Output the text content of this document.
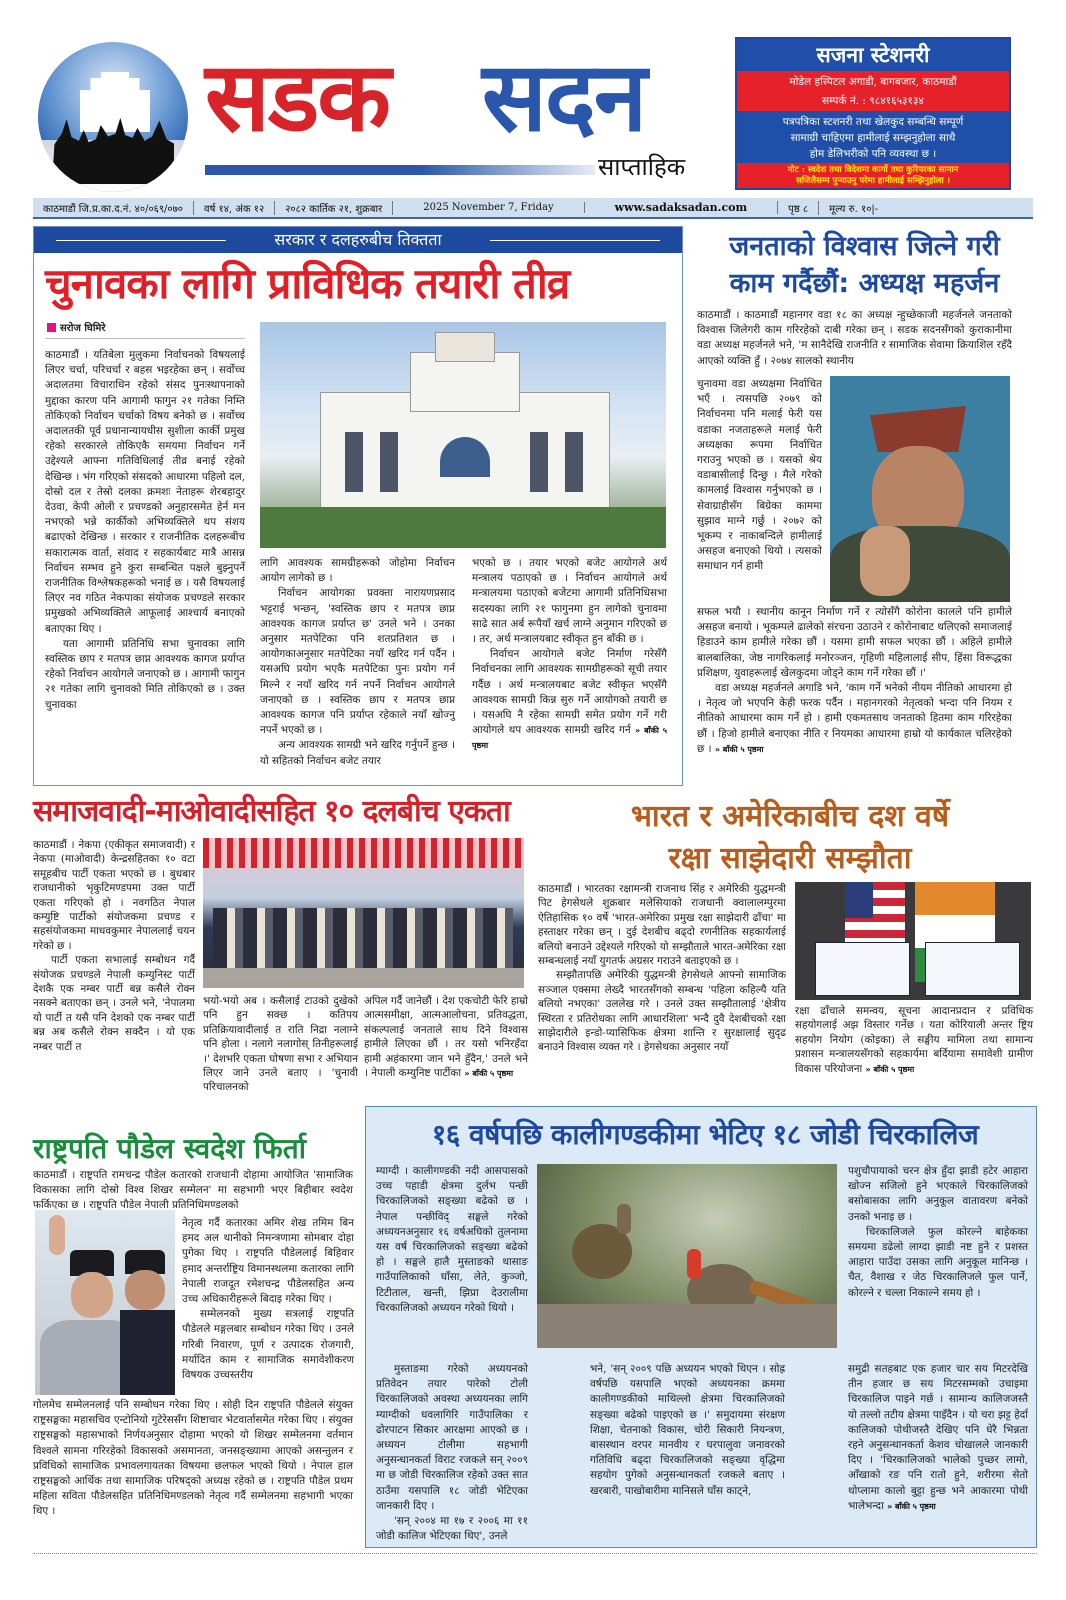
सडक सदन
साप्ताहिक
सजना स्टेशनरी
मोडेल हस्पिटल अगाडी, बागबजार, काठमाडौं
सम्पर्क नं. : ९८४१६५३१३४
पत्रपत्रिका स्टशनरी तथा खेलकुद सम्बन्धि सम्पूर्ण
सामाग्री चाहिएमा हामीलाई सम्झनुहोला साथै
होम डेलिभरीको पनि व्यवस्था छ ।
नोट : स्वदेश तथा विदेशमा कार्गो तथा कुरियरका सामान
सजिलैसम्म पुऱ्याउनु परेमा हामीलाई सम्झिनुहोला ।
काठमाडौं जि.प्र.का.द.नं. ४०/०६९/०७०	वर्ष १४, अंक १२	२०८२ कार्तिक २१, शुक्रबार	2025 November 7, Friday	www.sadaksadan.com	पृष्ठ ८	मूल्य रु. १०|-
सरकार र दलहरुबीच तिक्तता
चुनावका लागि प्राविधिक तयारी तीव्र
सरोज घिमिरे

काठमाडौं । यतिबेला मुलुकमा निर्वाचनको विषयलाई लिएर चर्चा, परिचर्चा र बहस भइरहेका छन् । सर्वोच्च अदालतमा विचाराधिन रहेको संसद पुनःस्थापनाको मुद्दाका कारण पनि आगामी फागुन २१ गतेका निम्ति तोकिएको निर्वाचन चर्चाको विषय बनेको छ । सर्वोच्च अदालतकी पूर्व प्रधानान्यायधीस सुशीला कार्की प्रमुख रहेको सरकारले तोकिएकै समयमा निर्वाचन गर्ने उद्देश्यले आफ्ना गतिविधिलाई तीव्र बनाई रहेको देखिन्छ । भंग गरिएको संसदको आधारमा पहिलो दल, दोस्रो दल र तेस्रो दलका क्रमशः नेताहरू शेरबहादुर देउवा, केपी ओली र प्रचण्डको अनुहारसमेत हेर्न मन नभएको भन्ने कार्कीको अभिव्यक्तिले थप संशय बढाएको देखिन्छ । सरकार र राजनीतिक दलहरूबीच सकारात्मक वार्ता, संवाद र सहकार्यबाट मात्रै आसन्न निर्वाचन सम्भव हुने कुरा सम्बन्धित पक्षले बुझ्नुपर्ने राजनीतिक विश्लेषकहरूको भनाई छ । यसै विषयलाई लिएर नव गठित नेकपाका संयोजक प्रचण्डले सरकार प्रमुखको अभिव्यक्तिले आफूलाई आश्चार्य बनाएको बताएका थिए ।

यता आगामी प्रतिनिधि सभा चुनावका लागि स्वस्तिक छाप र मतपत्र छाप्न आवश्यक कागज प्रर्याप्त रहेको निर्वाचन आयोगले जनाएको छ । आगामी फागुन २१ गतेका लागि चुनावको मिति तोकिएको छ । उक्त चुनावका

लागि आवश्यक सामग्रीहरूको जोहोमा निर्वाचन आयोग लागेको छ ।

निर्वाचन आयोगका प्रवक्ता नारायणप्रसाद भट्टराई भन्छन्, 'स्वस्तिक छाप र मतपत्र छाप्न आवश्यक कागज प्रर्याप्त छ' उनले भने । उनका अनुसार मतपेटिका पनि शतप्रतिशत छ । आयोगकाअनुसार मतपेटिका नयाँ खरिद गर्न पर्दैन । यसअघि प्रयोग भएकै मतपेटिका पुनः प्रयोग गर्न मिल्ने र नयाँ खरिद गर्न नपर्ने निर्वाचन आयोगले जनाएको छ । स्वस्तिक छाप र मतपत्र छाप्न आवश्यक कागज पनि प्रर्याप्त रहेकाले नयाँ खोज्नु नपर्ने भएको छ ।

अन्य आवश्यक सामग्री भने खरिद गर्नुपर्ने हुन्छ । यो सहितको निर्वाचन बजेट तयार

भएको छ । तयार भएको बजेट आयोगले अर्थ मन्त्रालय पठाएको छ । निर्वाचन आयोगले अर्थ मन्त्रालयमा पठाएको बजेटमा आगामी प्रतिनिधिसभा सदस्यका लागि २१ फागुनमा हुन लागेको चुनावमा साढे सात अर्ब रूपैयाँ खर्च लाग्ने अनुमान गरिएको छ । तर, अर्थ मन्त्रालयबाट स्वीकृत हुन बाँकी छ ।

निर्वाचन आयोगले बजेट निर्माण गरेसँगै निर्वाचनका लागि आवश्यक सामग्रीहरूको सूची तयार गर्दैछ । अर्थ मन्त्रालयबाट बजेट स्वीकृत भएसँगै आवश्यक सामग्री किन्न सुरु गर्ने आयोगको तयारी छ । यसअघि नै रहेका सामग्री समेत प्रयोग गर्ने गरी आयोगले थप आवश्यक सामग्री खरिद गर्न » बाँकी ५ पृष्ठमा

जनताको विश्वास जित्ने गरी
काम गर्दैछौं: अध्यक्ष महर्जन
काठमाडौं । काठमाडौं महानगर वडा १८ का अध्यक्ष न्हुच्छेकाजी महर्जनले जनताको विश्वास जिलेगरी काम गरिरहेको दाबी गरेका छन् । सडक सदनसँगको कुराकानीमा वडा अध्यक्ष महर्जनले भने, 'म सानैदेखि राजनीति र सामाजिक सेवामा क्रियाशिल रहँदै आएको व्यक्ति हुँ । २०७४ सालको स्थानीय
चुनावमा वडा अध्यक्षमा निर्वाचित भएँ । त्यसपछि २०७९ को निर्वाचनमा पनि मलाई फेरी यस वडाका नजताहरूले मलाई फेरी अध्यक्षका रूपमा निर्वाचित गराउनु भएको छ । यसको श्रेय वडाबासीलाई दिन्छु । मैले गरेको कामलाई विश्वास गर्नुभएको छ । सेवाग्राहीसँग बिग्रेका काममा सुझाव माग्ने गर्छु । २०७२ को भूकम्प र नाकाबन्दिले हामीलाई असहज बनाएको थियो । त्यसको समाधान गर्न हामी

सफल भयौ । स्थानीय कानून निर्माण गर्ने र त्योसँगै कोरोना कालले पनि हामीले असहज बनायो । भूकम्पले ढालेको संरचना उठाउने र कोरोनाबाट थलिएको समाजलाई हिडाउने काम हामीले गरेका छौं । यसमा हामी सफल भएका छौं । अहिले हामीले बालबालिका, जेष्ठ नागरिकलाई मनोरञ्जन, गृहिणी महिलालाई सीप, हिंसा विरूद्धका प्रशिक्षण, युवाहरूलाई खेलकुदमा जोड्ने काम गर्ने गरेका छौं ।'

वडा अध्यक्ष महर्जनले अगाडि भने, 'काम गर्ने भनेको नीयम नीतिको आधारमा हो । नेतृत्व जो भएपनि केही फरक पर्दैन । महानगरको नेतृत्वको भन्दा पनि नियम र नीतिको आधारमा काम गर्ने हो । हामी एकमतसाथ जनताको हितमा काम गरिरहेका छौं । हिजो हामीले बनाएका नीति र नियमका आधारमा हाम्रो यो कार्यकाल चलिरहेको छ । » बाँकी ५ पृष्ठमा

समाजवादी-माओवादीसहित १० दलबीच एकता

काठमाडौं । नेकपा (एकीकृत समाजवादी) र नेकपा (माओवादी) केन्द्रसहितका १० वटा समूहबीच पार्टी एकता भएको छ । बुधबार राजधानीको भृकुटिमण्डपमा उक्त पार्टी एकता गरिएको हो । नवगठित नेपाल कम्युष्टि पार्टीको संयोजकमा प्रचण्ड र सहसंयोजकमा माधवकुमार नेपाललाई चयन गरेको छ ।

पार्टी एकता सभालाई सम्बोधन गर्दै संयोजक प्रचण्डले नेपाली कम्युनिस्ट पार्टी देशकै एक नम्बर पार्टी बन्न कसैले रोक्न नसक्ने बताएका छन् । उनले भने, 'नेपालमा यो पार्टी त यसै पनि देशको एक नम्बर पार्टी बन्न अब कसैले रोक्न सक्दैन । यो एक नम्बर पार्टी त

भयो-भयो अब । कसैलाई टाउको दुखेको पनि हुन सक्छ । कतिपय प्रतिक्रियावादीलाई त राति निद्रा नलाग्ने पनि होला । नलागे नलागोस् तिनीहरूलाई ।' देशभरि एकता घोषणा सभा र अभियान लिएर जाने उनले बताए । 'चुनावी परिचालनको
अपिल गर्दै जानेछौं । देश एकचोटी फेरि हाम्रो आत्मसमीक्षा, आत्मआलोचना, प्रतिवद्धता, संकल्पलाई जनताले साथ दिने विश्वास हामीले लिएका छौं । तर यसो भनिरहँदा हामी अहंकारमा जान भने हुँदैन,' उनले भने । नेपाली कम्युनिष्ट पार्टीका » बाँकी ५ पृष्ठमा
भारत र अमेरिकाबीच दश वर्षे
रक्षा साझेदारी सम्झौता

काठमाडौं । भारतका रक्षामन्त्री राजनाथ सिंह र अमेरिकी युद्धमन्त्री पिट हेगसेथले शुक्रबार मलेसियाको राजधानी क्वालालम्पुरमा ऐतिहासिक १० वर्षे 'भारत-अमेरिका प्रमुख रक्षा साझेदारी ढाँचा' मा हस्ताक्षर गरेका छन् । दुई देशबीच बढ्दो रणनीतिक सहकार्यलाई बलियो बनाउने उद्देश्यले गरिएको यो सम्झौताले भारत-अमेरिका रक्षा सम्बन्धलाई नयाँ युगतर्फ अग्रसर गराउने बताइएको छ ।

सम्झौतापछि अमेरिकी युद्धमन्त्री हेगसेथले आफ्नो सामाजिक सञ्जाल एक्समा लेख्दै भारतसँगको सम्बन्ध 'पहिला कहिल्यै यति बलियो नभएका' उललेख गरे । उनले उक्त सम्झौतालाई 'क्षेत्रीय स्थिरता र प्रतिरोधका लागि आधारशिला' भन्दै दुवै देशबीचको रक्षा साझेदारीले इन्डो-प्यासिफिक क्षेत्रमा शान्ति र सुरक्षालाई सुदृढ बनाउने विश्वास व्यक्त गरे । हेगसेथका अनुसार नयाँ

रक्षा ढाँचाले समन्वय, सूचना आदानप्रदान र प्रविधिक सहयोगलाई अझ विस्तार गर्नेछ । यता कोरियाली अन्तर ष्ट्रिय सहयोग नियोग (कोइका) ले सङ्घीय मामिला तथा सामान्य प्रशासन मन्त्रालयसँगको सहकार्यमा बर्दियामा समावेशी ग्रामीण विकास परियोजना » बाँकी ५ पृष्ठमा
राष्ट्रपति पौडेल स्वदेश फिर्ता
काठमाडौं । राष्ट्रपति रामचन्द्र पौडेल कतारको राजधानी दोहामा आयोजित 'सामाजिक विकासका लागि दोस्रो विश्व शिखर सम्मेलन' मा सहभागी भएर बिहीबार स्वदेश फर्किएका छ । राष्ट्रपति पौडेल नेपाली प्रतिनिधिमण्डलको

नेतृत्व गर्दै कतारका अमिर शेख तमिम बिन हमद अल थानीको निमन्त्रणामा सोमबार दोहा पुगेका थिए । राष्ट्रपति पौडेललाई बिहिवार हमाद अन्तर्राष्ट्रिय विमानस्थलमा कतारका लागि नेपाली राजदूत रमेशचन्द्र पौडेलसहित अन्य उच्च अधिकारीहरूले बिदाइ गरेका थिए ।

सम्मेलनको मुख्य सत्रलाई राष्ट्रपति पौडेलले मङ्गलबार सम्बोधन गरेका थिए । उनले गरिबी निवारण, पूर्ण र उत्पादक रोजगारी, मर्यादित काम र सामाजिक समावेशीकरण विषयक उच्चस्तरीय

गोलमेच सम्मेलनलाई पनि सम्बोधन गरेका थिए । सोही दिन राष्ट्रपति पौडेलले संयुक्त राष्ट्रसङ्घका महासचिव एन्टोनियो गुटेरेससँग शिष्टाचार भेटवार्तासमेत गरेका थिए । संयुक्त राष्ट्रसङ्घको महासभाको निर्णयअनुसार दोहामा भएको यो शिखर सम्मेलनमा वर्तमान विश्वले सामना गरिरहेको विकासको असमानता, जनसङ्ख्यामा आएको असन्तुलन र प्रविधिको सामाजिक प्रभावलगायतका विषयमा छलफल भएको थियो । नेपाल हाल राष्ट्रसङ्घको आर्थिक तथा सामाजिक परिषद्को अध्यक्ष रहेको छ । राष्ट्रपति पौडेल प्रथम महिला सविता पौडेलसहित प्रतिनिधिमण्डलको नेतृत्व गर्दै सम्मेलनमा सहभागी भएका थिए ।
१६ वर्षपछि कालीगण्डकीमा भेटिए १८ जोडी चिरकालिज
म्याग्दी । कालीगण्डकी नदी आसपासको उच्च पहाडी क्षेत्रमा दुर्लभ पन्छी चिरकालिजको सङ्ख्या बढेको छ । नेपाल पन्छीविद् सङ्घले गरेको अध्ययनअनुसार १६ वर्षअघिको तुलनामा यस वर्ष चिरकालिजको सङ्ख्या बढेको हो । सङ्घले हालै मुस्ताङको थासाङ गाउँपालिकाको घाँसा, लेते, कुञ्जो, टिटीताल, खन्ती, झिप्रा देउरालीमा चिरकालिजको अध्ययन गरेको थियो ।

पशुचौपायाको चरन क्षेत्र हुँदा झाडी हटेर आहारा खोज्न सजिलो हुने भएकाले चिरकालिजको बसोबासका लागि अनुकूल वातावरण बनेको उनको भनाइ छ ।

चिरकालिजले फुल कोरल्ने बाहेकका समयमा डढेलो लाग्दा झाडी नष्ट हुने र प्रशस्त आहारा पाउँदा उसका लागि अनुकूल मानिन्छ । चैत, वैशाख र जेठ चिरकालिजले फुल पार्ने, कोरल्ने र चल्ला निकाल्ने समय हो ।

मुस्ताङमा गरेको अध्ययनको प्रतिवेदन तयार पारेको टोली चिरकालिजको अवस्था अध्ययनका लागि म्याग्दीको धवलागिरि गाउँपालिका र ढोरपाटन सिकार आरक्षमा आएको छ । अध्ययन टोलीमा सहभागी अनुसन्धानकर्ता विराट रजकले सन् २००९ मा छ जोडी चिरकालिज रहेको उक्त सात ठाउँमा यसपालि १८ जोडी भेटिएका जानकारी दिए ।

'सन् २००४ मा १७ र २००६ मा ११ जोडी कालिज भेटिएका थिए', उनले

भने, 'सन् २००९ पछि अध्ययन भएको थिएन । सोह्र वर्षपछि यसपालि भएको अध्ययनका क्रममा कालीगण्डकीको माथिल्लो क्षेत्रमा चिरकालिजको सङ्ख्या बढेको पाइएको छ ।' समुदायमा संरक्षण शिक्षा, चेतनाको विकास, चोरी सिकारी नियन्त्रण, बासस्थान वरपर मानवीय र घरपालुवा जनावरको गतिविधि बढ्दा चिरकालिजको सङ्ख्या वृद्धिमा सहयोग पुगेको अनुसन्धानकर्ता रजकले बताए । खरबारी, पाखोबारीमा मानिसले घाँस काट्ने,
समुद्री सतहबाट एक हजार चार सय मिटरदेखि तीन हजार छ सय मिटरसम्मको उचाइमा चिरकालिज पाइने गर्छ । सामान्य कालिजजस्तै यो तल्लो तटीय क्षेत्रमा पाइँदैन । यो चरा झट्ट हेर्दा कालिजको पोथीजस्तै देखिए पनि धेरै भिन्नता रहने अनुसन्धानकर्ता केशव चोखालले जानकारी दिए । 'चिरकालिजको भालेको पुच्छर लामो, आँखाको रङ पनि रातो हुने, शरीरमा सेतो थोप्लामा कालो बुट्टा हुन्छ भने आकारमा पोथी भालेभन्दा » बाँकी ५ पृष्ठमा
